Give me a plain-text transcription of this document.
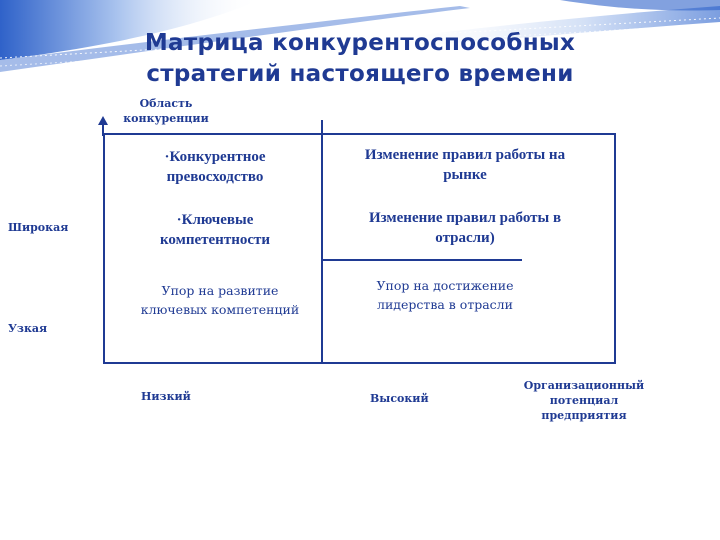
Матрица конкурентоспособных
стратегий настоящего времени
Область
конкуренции
Широкая
Узкая
·Конкурентное
превосходство
·Ключевые
компетентности
Изменение правил работы на
рынке
Изменение правил работы в
отрасли)
Упор на развитие
ключевых компетенций
Упор на достижение
лидерства в отрасли
Низкий	Высокий
Организационный
потенциал
предприятия
